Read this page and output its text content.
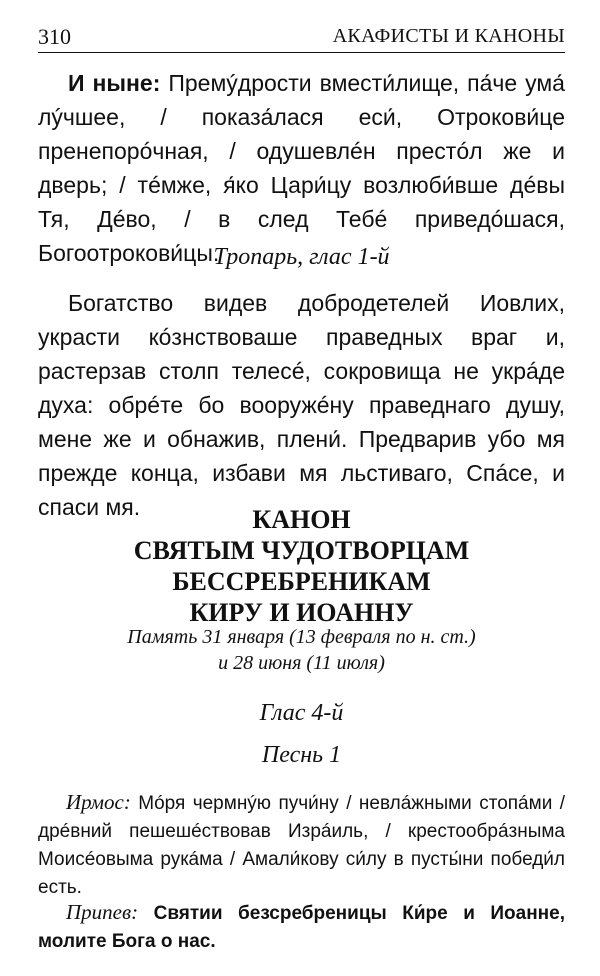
310	АКАФИСТЫ И КАНОНЫ

И ныне: Премýдрости вмести́лище, па́че ума́ лýчшее, / показа́лася еси́, Отрокови́це пренепорóчная, / одушевлéн престóл же и дверь; / тéмже, я́ко Цари́цу возлюби́вше дéвы Тя, Дéво, / в след Тебé приведóшася, Богоотрокови́цы.

Тропарь, глас 1-й

Богатство видев добродетелей Иовлих, украсти кóзнствоваше праведных враг и, растерзав столп телесé, сокровища не укрáде духа: обрéте бо вооружéну праведнаго душу, мене же и обнажив, плени́. Предварив убо мя прежде конца, избави мя льстиваго, Спáсе, и спаси мя.	КАНОН
СВЯТЫМ ЧУДОТВОРЦАМ
БЕССРЕБРЕНИКАМ
КИРУ И ИОАННУ

Память 31 января (13 февраля по н. ст.)
и 28 июня (11 июля)

Глас 4-й
Песнь 1

Ирмос: Мóря чермнýю пучи́ну / невлáжными стопáми / дрéвний пешешéствовав Изрáиль, / крестообрáзныма Моисéовыма рукáма / Амали́кову си́лу в пусты́ни победи́л есть.

Припев: Святии безсребреницы Ки́ре и Иоанне, молите Бога о нас.
